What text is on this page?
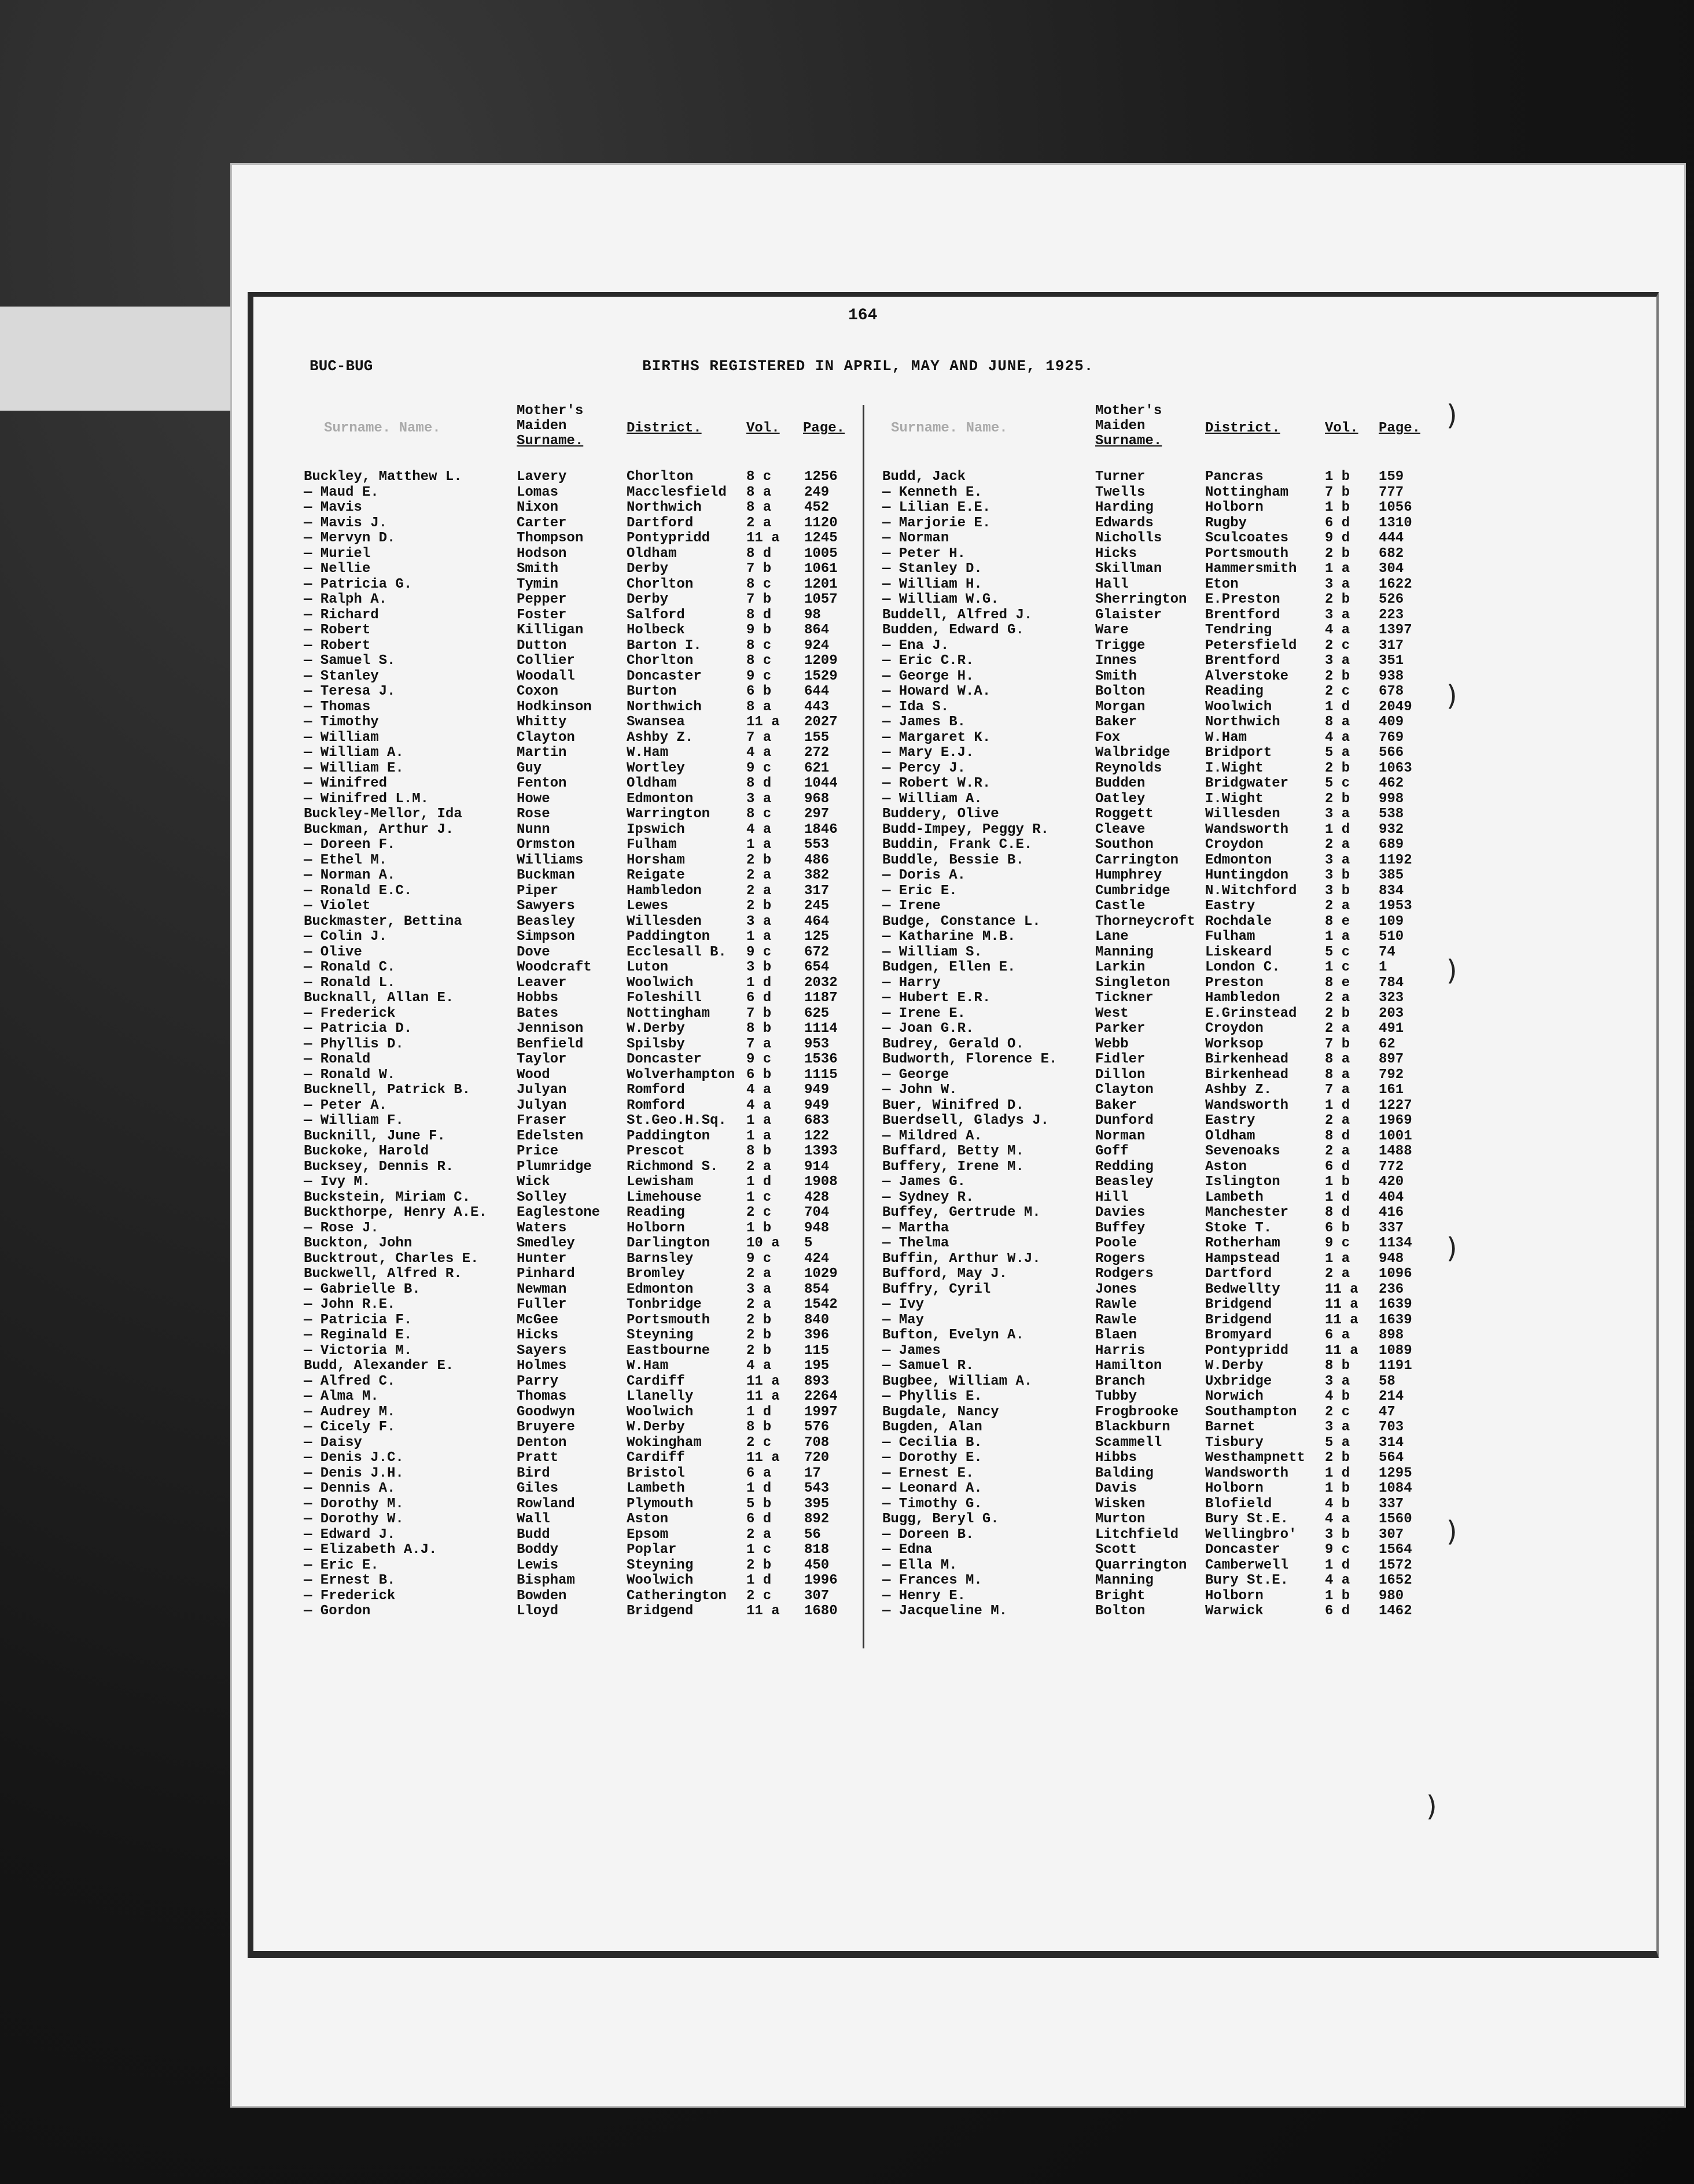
164
BUC-BUG	BIRTHS REGISTERED IN APRIL, MAY AND JUNE, 1925.
Surname. Name.
Mother's
Maiden
Surname.
District.	Vol. Page.	Surname. Name.
Mother's
Maiden
Surname.
District.	Vol. Page.
Buckley, Matthew L.	Lavery	Chorlton	8 c 1256
— Maud E.	Lomas	Macclesfield 8 a 249
— Mavis	Nixon	Northwich	8 a 452
— Mavis J.	Carter	Dartford	2 a 1120
— Mervyn D.	Thompson	Pontypridd	11 a 1245
— Muriel	Hodson	Oldham	8 d 1005
— Nellie	Smith	Derby	7 b 1061
— Patricia G.	Tymin	Chorlton	8 c 1201
— Ralph A.	Pepper	Derby	7 b 1057
— Richard	Foster	Salford	8 d 98
— Robert	Killigan	Holbeck	9 b 864
— Robert	Dutton	Barton I.	8 c 924
— Samuel S.	Collier	Chorlton	8 c 1209
— Stanley	Woodall	Doncaster	9 c 1529
— Teresa J.	Coxon	Burton	6 b 644
— Thomas	Hodkinson	Northwich	8 a 443
— Timothy	Whitty	Swansea	11 a 2027
— William	Clayton	Ashby Z.	7 a 155
— William A.	Martin	W.Ham	4 a 272
— William E.	Guy	Wortley	9 c 621
— Winifred	Fenton	Oldham	8 d 1044
— Winifred L.M.	Howe	Edmonton	3 a 968
Buckley-Mellor, Ida	Rose	Warrington	8 c 297
Buckman, Arthur J.	Nunn	Ipswich	4 a 1846
— Doreen F.	Ormston	Fulham	1 a 553
— Ethel M.	Williams	Horsham	2 b 486
— Norman A.	Buckman	Reigate	2 a 382
— Ronald E.C.	Piper	Hambledon	2 a 317
— Violet	Sawyers	Lewes	2 b 245
Buckmaster, Bettina	Beasley	Willesden	3 a 464
— Colin J.	Simpson	Paddington	1 a 125
— Olive	Dove	Ecclesall B. 9 c 672
— Ronald C.	Woodcraft	Luton	3 b 654
— Ronald L.	Leaver	Woolwich	1 d 2032
Bucknall, Allan E.	Hobbs	Foleshill	6 d 1187
— Frederick	Bates	Nottingham	7 b 625
— Patricia D.	Jennison	W.Derby	8 b 1114
— Phyllis D.	Benfield	Spilsby	7 a 953
— Ronald	Taylor	Doncaster	9 c 1536
— Ronald W.	Wood	Wolverhampton 6 b 1115
Bucknell, Patrick B.	Julyan	Romford	4 a 949
— Peter A.	Julyan	Romford	4 a 949
— William F.	Fraser	St.Geo.H.Sq. 1 a 683
Bucknill, June F.	Edelsten	Paddington	1 a 122
Buckoke, Harold	Price	Prescot	8 b 1393
Bucksey, Dennis R.	Plumridge	Richmond S. 2 a 914
— Ivy M.	Wick	Lewisham	1 d 1908
Buckstein, Miriam C.	Solley	Limehouse	1 c 428
Buckthorpe, Henry A.E. Eaglestone Reading	2 c 704
— Rose J.	Waters	Holborn	1 b 948
Buckton, John	Smedley	Darlington	10 a 5
Bucktrout, Charles E.	Hunter	Barnsley	9 c 424
Buckwell, Alfred R.	Pinhard	Bromley	2 a 1029
— Gabrielle B.	Newman	Edmonton	3 a 854
— John R.E.	Fuller	Tonbridge	2 a 1542
— Patricia F.	McGee	Portsmouth	2 b 840
— Reginald E.	Hicks	Steyning	2 b 396
— Victoria M.	Sayers	Eastbourne	2 b 115
Budd, Alexander E.	Holmes	W.Ham	4 a 195
— Alfred C.	Parry	Cardiff	11 a 893
— Alma M.	Thomas	Llanelly	11 a 2264
— Audrey M.	Goodwyn	Woolwich	1 d 1997
— Cicely F.	Bruyere	W.Derby	8 b 576
— Daisy	Denton	Wokingham	2 c 708
— Denis J.C.	Pratt	Cardiff	11 a 720
— Denis J.H.	Bird	Bristol	6 a 17
— Dennis A.	Giles	Lambeth	1 d 543
— Dorothy M.	Rowland	Plymouth	5 b 395
— Dorothy W.	Wall	Aston	6 d 892
— Edward J.	Budd	Epsom	2 a 56
— Elizabeth A.J.	Boddy	Poplar	1 c 818
— Eric E.	Lewis	Steyning	2 b 450
— Ernest B.	Bispham	Woolwich	1 d 1996
— Frederick	Bowden	Catherington 2 c 307
— Gordon	Lloyd	Bridgend	11 a 1680
Budd, Jack	Turner	Pancras	1 b 159
— Kenneth E.	Twells	Nottingham	7 b 777
— Lilian E.E.	Harding	Holborn	1 b 1056
— Marjorie E.	Edwards	Rugby	6 d 1310
— Norman	Nicholls	Sculcoates	9 d 444
— Peter H.	Hicks	Portsmouth	2 b 682
— Stanley D.	Skillman	Hammersmith 1 a 304
— William H.	Hall	Eton	3 a 1622
— William W.G.	Sherrington E.Preston	2 b 526
Buddell, Alfred J.	Glaister	Brentford	3 a 223
Budden, Edward G.	Ware	Tendring	4 a 1397
— Ena J.	Trigge	Petersfield 2 c 317
— Eric C.R.	Innes	Brentford	3 a 351
— George H.	Smith	Alverstoke	2 b 938
— Howard W.A.	Bolton	Reading	2 c 678
— Ida S.	Morgan	Woolwich	1 d 2049
— James B.	Baker	Northwich	8 a 409
— Margaret K.	Fox	W.Ham	4 a 769
— Mary E.J.	Walbridge	Bridport	5 a 566
— Percy J.	Reynolds	I.Wight	2 b 1063
— Robert W.R.	Budden	Bridgwater	5 c 462
— William A.	Oatley	I.Wight	2 b 998
Buddery, Olive	Roggett	Willesden	3 a 538
Budd-Impey, Peggy R.	Cleave	Wandsworth	1 d 932
Buddin, Frank C.E.	Southon	Croydon	2 a 689
Buddle, Bessie B.	Carrington Edmonton	3 a 1192
— Doris A.	Humphrey	Huntingdon	3 b 385
— Eric E.	Cumbridge	N.Witchford 3 b 834
— Irene	Castle	Eastry	2 a 1953
Budge, Constance L.	Thorneycroft Rochdale	8 e 109
— Katharine M.B.	Lane	Fulham	1 a 510
— William S.	Manning	Liskeard	5 c 74
Budgen, Ellen E.	Larkin	London C.	1 c 1
— Harry	Singleton	Preston	8 e 784
— Hubert E.R.	Tickner	Hambledon	2 a 323
— Irene E.	West	E.Grinstead 2 b 203
— Joan G.R.	Parker	Croydon	2 a 491
Budrey, Gerald O.	Webb	Worksop	7 b 62
Budworth, Florence E.	Fidler	Birkenhead	8 a 897
— George	Dillon	Birkenhead	8 a 792
— John W.	Clayton	Ashby Z.	7 a 161
Buer, Winifred D.	Baker	Wandsworth	1 d 1227
Buerdsell, Gladys J.	Dunford	Eastry	2 a 1969
— Mildred A.	Norman	Oldham	8 d 1001
Buffard, Betty M.	Goff	Sevenoaks	2 a 1488
Buffery, Irene M.	Redding	Aston	6 d 772
— James G.	Beasley	Islington	1 b 420
— Sydney R.	Hill	Lambeth	1 d 404
Buffey, Gertrude M.	Davies	Manchester	8 d 416
— Martha	Buffey	Stoke T.	6 b 337
— Thelma	Poole	Rotherham	9 c 1134
Buffin, Arthur W.J.	Rogers	Hampstead	1 a 948
Bufford, May J.	Rodgers	Dartford	2 a 1096
Buffry, Cyril	Jones	Bedwellty	11 a 236
— Ivy	Rawle	Bridgend	11 a 1639
— May	Rawle	Bridgend	11 a 1639
Bufton, Evelyn A.	Blaen	Bromyard	6 a 898
— James	Harris	Pontypridd	11 a 1089
— Samuel R.	Hamilton	W.Derby	8 b 1191
Bugbee, William A.	Branch	Uxbridge	3 a 58
— Phyllis E.	Tubby	Norwich	4 b 214
Bugdale, Nancy	Frogbrooke Southampton 2 c 47
Bugden, Alan	Blackburn	Barnet	3 a 703
— Cecilia B.	Scammell	Tisbury	5 a 314
— Dorothy E.	Hibbs	Westhampnett 2 b 564
— Ernest E.	Balding	Wandsworth	1 d 1295
— Leonard A.	Davis	Holborn	1 b 1084
— Timothy G.	Wisken	Blofield	4 b 337
Bugg, Beryl G.	Murton	Bury St.E.	4 a 1560
— Doreen B.	Litchfield Wellingbro' 3 b 307
— Edna	Scott	Doncaster	9 c 1564
— Ella M.	Quarrington Camberwell	1 d 1572
— Frances M.	Manning	Bury St.E.	4 a 1652
— Henry E.	Bright	Holborn	1 b 980
— Jacqueline M.	Bolton	Warwick	6 d 1462
)
)
)
)
)
)
